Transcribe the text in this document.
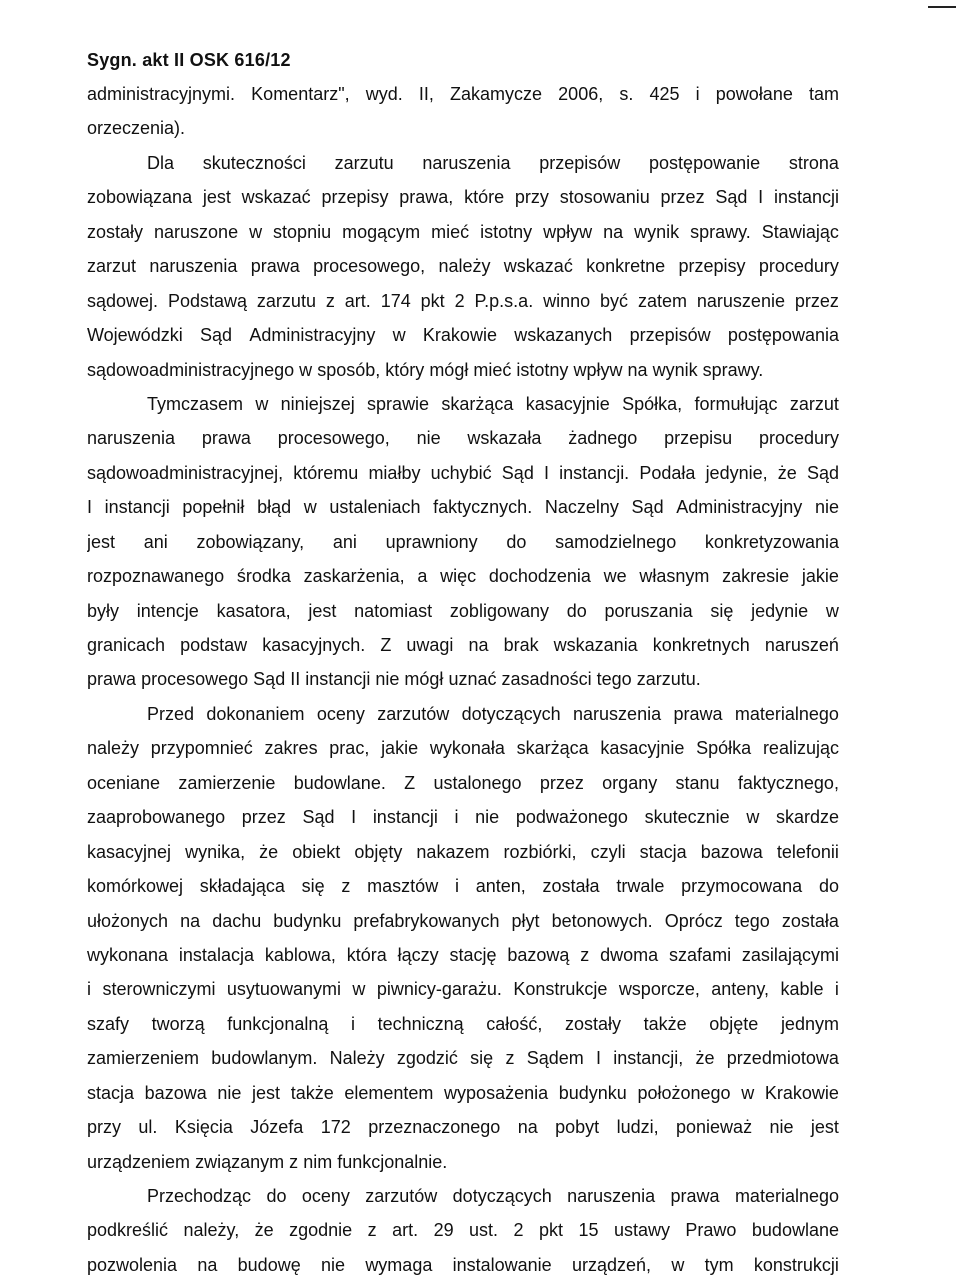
Sygn. akt II OSK 616/12
administracyjnymi. Komentarz", wyd. II, Zakamycze 2006, s. 425 i powołane tam
orzeczenia).
Dla skuteczności zarzutu naruszenia przepisów postępowanie strona
zobowiązana jest wskazać przepisy prawa, które przy stosowaniu przez Sąd I instancji
zostały naruszone w stopniu mogącym mieć istotny wpływ na wynik sprawy. Stawiając
zarzut naruszenia prawa procesowego, należy wskazać konkretne przepisy procedury
sądowej. Podstawą zarzutu z art. 174 pkt 2 P.p.s.a. winno być zatem naruszenie przez
Wojewódzki Sąd Administracyjny w Krakowie wskazanych przepisów postępowania
sądowoadministracyjnego w sposób, który mógł mieć istotny wpływ na wynik sprawy.
Tymczasem w niniejszej sprawie skarżąca kasacyjnie Spółka, formułując zarzut
naruszenia prawa procesowego, nie wskazała żadnego przepisu procedury
sądowoadministracyjnej, któremu miałby uchybić Sąd I instancji. Podała jedynie, że Sąd
I instancji popełnił błąd w ustaleniach faktycznych. Naczelny Sąd Administracyjny nie
jest ani zobowiązany, ani uprawniony do samodzielnego konkretyzowania
rozpoznawanego środka zaskarżenia, a więc dochodzenia we własnym zakresie jakie
były intencje kasatora, jest natomiast zobligowany do poruszania się jedynie w
granicach podstaw kasacyjnych. Z uwagi na brak wskazania konkretnych naruszeń
prawa procesowego Sąd II instancji nie mógł uznać zasadności tego zarzutu.
Przed dokonaniem oceny zarzutów dotyczących naruszenia prawa materialnego
należy przypomnieć zakres prac, jakie wykonała skarżąca kasacyjnie Spółka realizując
oceniane zamierzenie budowlane. Z ustalonego przez organy stanu faktycznego,
zaaprobowanego przez Sąd I instancji i nie podważonego skutecznie w skardze
kasacyjnej wynika, że obiekt objęty nakazem rozbiórki, czyli stacja bazowa telefonii
komórkowej składająca się z masztów i anten, została trwale przymocowana do
ułożonych na dachu budynku prefabrykowanych płyt betonowych. Oprócz tego została
wykonana instalacja kablowa, która łączy stację bazową z dwoma szafami zasilającymi
i sterowniczymi usytuowanymi w piwnicy-garażu. Konstrukcje wsporcze, anteny, kable i
szafy tworzą funkcjonalną i techniczną całość, zostały także objęte jednym
zamierzeniem budowlanym. Należy zgodzić się z Sądem I instancji, że przedmiotowa
stacja bazowa nie jest także elementem wyposażenia budynku położonego w Krakowie
przy ul. Księcia Józefa 172 przeznaczonego na pobyt ludzi, ponieważ nie jest
urządzeniem związanym z nim funkcjonalnie.
Przechodząc do oceny zarzutów dotyczących naruszenia prawa materialnego
podkreślić należy, że zgodnie z art. 29 ust. 2 pkt 15 ustawy Prawo budowlane
pozwolenia na budowę nie wymaga instalowanie urządzeń, w tym konstrukcji
